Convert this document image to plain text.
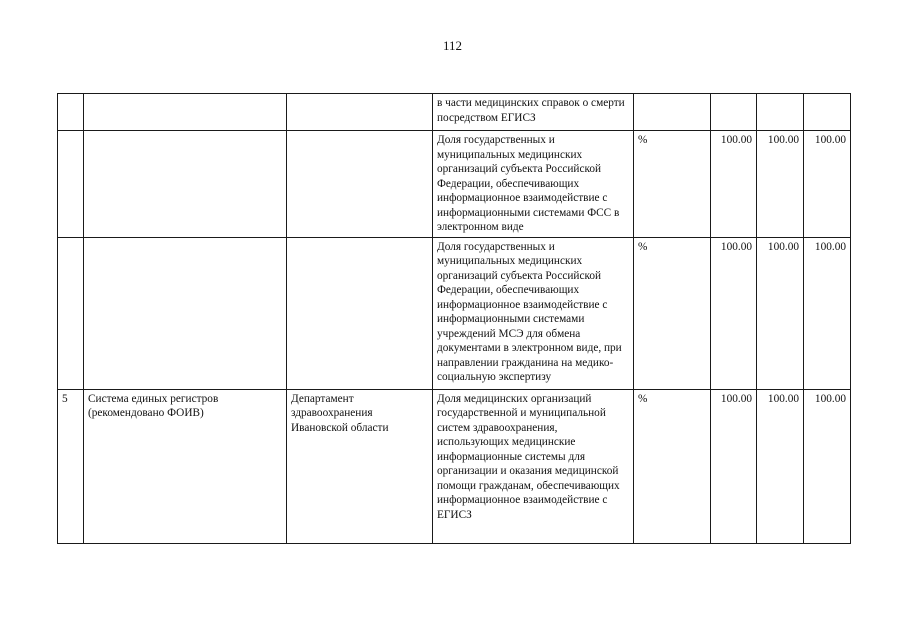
112
			в части медицинских справок о смерти посредством ЕГИСЗ				
			Доля государственных и муниципальных медицинских организаций субъекта Российской Федерации, обеспечивающих информационное взаимодействие с информационными системами ФСС в электронном виде	%	100.00	100.00	100.00
			Доля государственных и муниципальных медицинских организаций субъекта Российской Федерации, обеспечивающих информационное взаимодействие с информационными системами учреждений МСЭ для обмена документами в электронном виде, при направлении гражданина на медико-социальную экспертизу	%	100.00	100.00	100.00
5	Система единых регистров (рекомендовано ФОИВ)	Департамент здравоохранения Ивановской области	Доля медицинских организаций государственной и муниципальной систем здравоохранения, использующих медицинские информационные системы для организации и оказания медицинской помощи гражданам, обеспечивающих информационное взаимодействие с ЕГИСЗ	%	100.00	100.00	100.00
